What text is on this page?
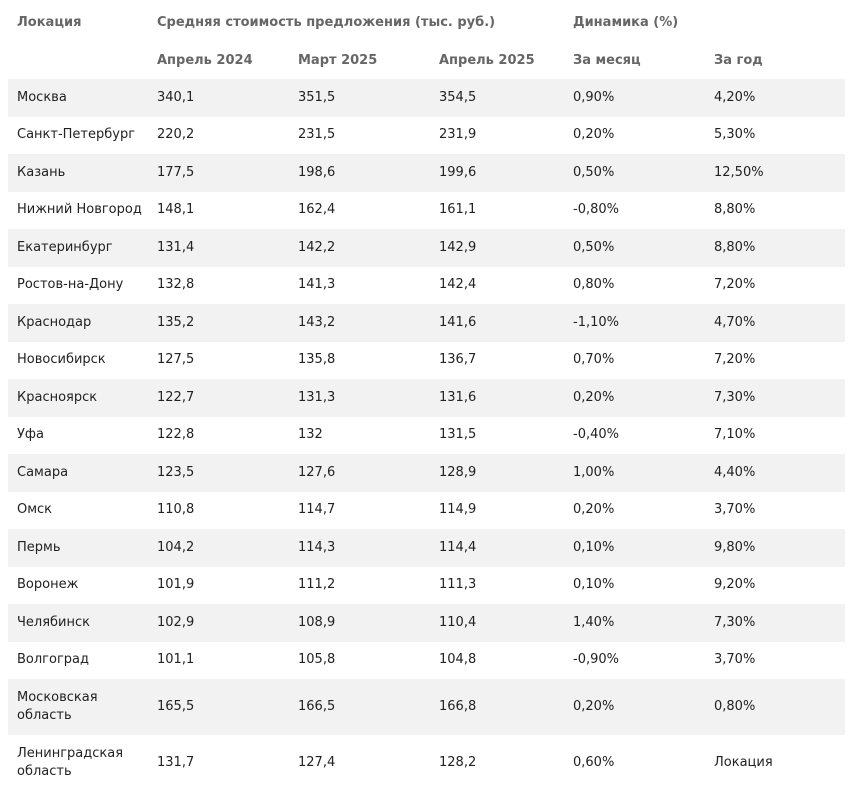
Локация	Средняя стоимость предложения (тыс. руб.)			Динамика (%)	
	Апрель 2024	Март 2025	Апрель 2025	За месяц	За год
Москва	340,1	351,5	354,5	0,90%	4,20%
Санкт-Петербург	220,2	231,5	231,9	0,20%	5,30%
Казань	177,5	198,6	199,6	0,50%	12,50%
Нижний Новгород	148,1	162,4	161,1	-0,80%	8,80%
Екатеринбург	131,4	142,2	142,9	0,50%	8,80%
Ростов-на-Дону	132,8	141,3	142,4	0,80%	7,20%
Краснодар	135,2	143,2	141,6	-1,10%	4,70%
Новосибирск	127,5	135,8	136,7	0,70%	7,20%
Красноярск	122,7	131,3	131,6	0,20%	7,30%
Уфа	122,8	132	131,5	-0,40%	7,10%
Самара	123,5	127,6	128,9	1,00%	4,40%
Омск	110,8	114,7	114,9	0,20%	3,70%
Пермь	104,2	114,3	114,4	0,10%	9,80%
Воронеж	101,9	111,2	111,3	0,10%	9,20%
Челябинск	102,9	108,9	110,4	1,40%	7,30%
Волгоград	101,1	105,8	104,8	-0,90%	3,70%
Московская область	165,5	166,5	166,8	0,20%	0,80%
Ленинградская область	131,7	127,4	128,2	0,60%	Локация
